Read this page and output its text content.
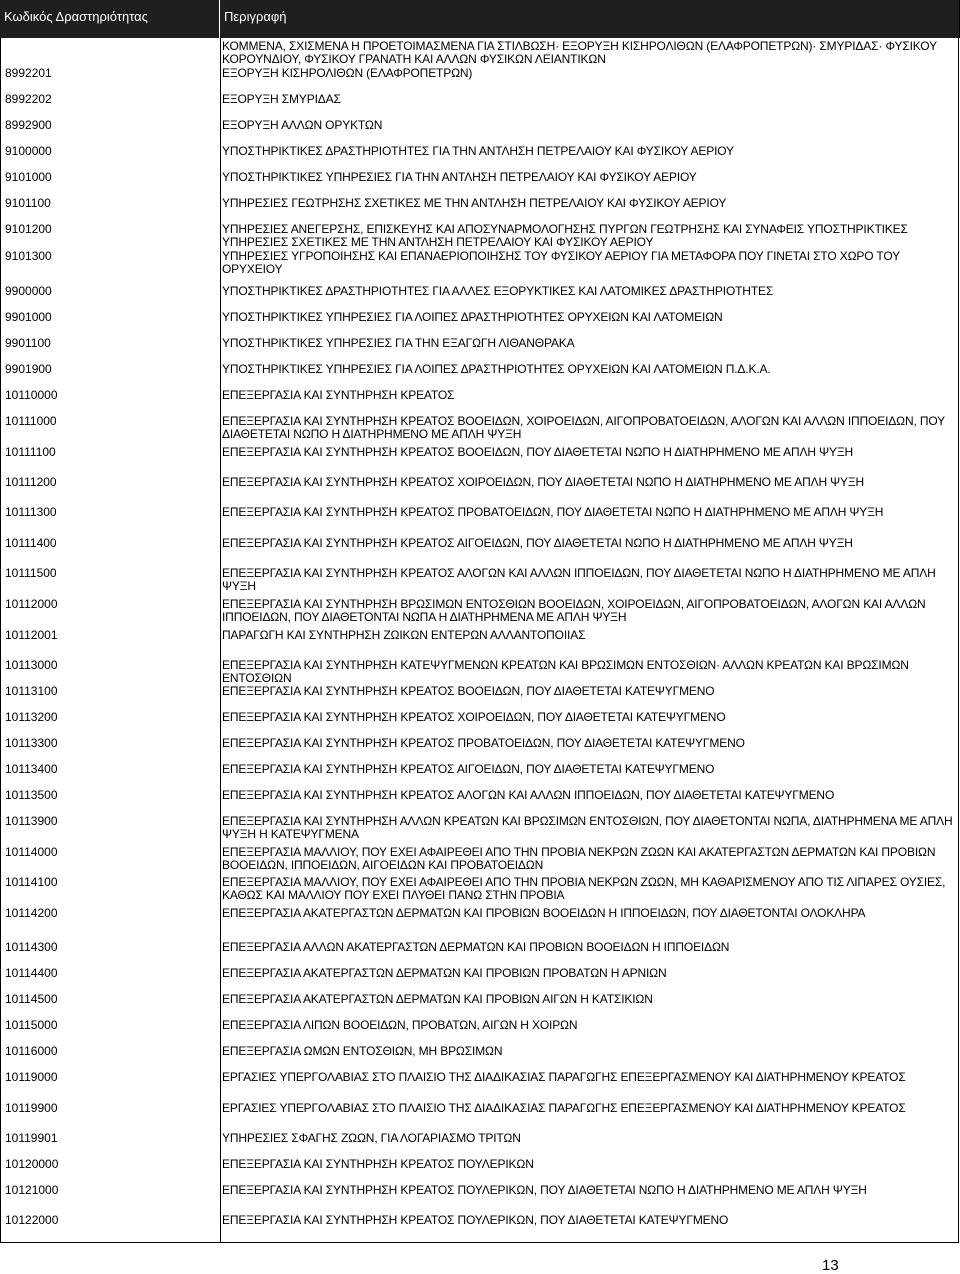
Κωδικός Δραστηριότητας	Περιγραφή
ΚΟΜΜΕΝΑ, ΣΧΙΣΜΕΝΑ Η ΠΡΟΕΤΟΙΜΑΣΜΕΝΑ ΓΙΑ ΣΤΙΛΒΩΣΗ· ΕΞΟΡΥΞΗ ΚΙΣΗΡΟΛΙΘΩΝ (ΕΛΑΦΡΟΠΕΤΡΩΝ)· ΣΜΥΡΙΔΑΣ· ΦΥΣΙΚΟΥ ΚΟΡΟΥΝΔΙΟΥ, ΦΥΣΙΚΟΥ ΓΡΑΝΑΤΗ ΚΑΙ ΑΛΛΩΝ ΦΥΣΙΚΩΝ ΛΕΙΑΝΤΙΚΩΝ
8992201	ΕΞΟΡΥΞΗ ΚΙΣΗΡΟΛΙΘΩΝ (ΕΛΑΦΡΟΠΕΤΡΩΝ)
8992202	ΕΞΟΡΥΞΗ ΣΜΥΡΙΔΑΣ
8992900	ΕΞΟΡΥΞΗ ΑΛΛΩΝ ΟΡΥΚΤΩΝ
9100000	ΥΠΟΣΤΗΡΙΚΤΙΚΕΣ ΔΡΑΣΤΗΡΙΟΤΗΤΕΣ ΓΙΑ ΤΗΝ ΑΝΤΛΗΣΗ ΠΕΤΡΕΛΑΙΟΥ ΚΑΙ ΦΥΣΙΚΟΥ ΑΕΡΙΟΥ
9101000	ΥΠΟΣΤΗΡΙΚΤΙΚΕΣ ΥΠΗΡΕΣΙΕΣ ΓΙΑ ΤΗΝ ΑΝΤΛΗΣΗ ΠΕΤΡΕΛΑΙΟΥ ΚΑΙ ΦΥΣΙΚΟΥ ΑΕΡΙΟΥ
9101100	ΥΠΗΡΕΣΙΕΣ ΓΕΩΤΡΗΣΗΣ ΣΧΕΤΙΚΕΣ ΜΕ ΤΗΝ ΑΝΤΛΗΣΗ ΠΕΤΡΕΛΑΙΟΥ ΚΑΙ ΦΥΣΙΚΟΥ ΑΕΡΙΟΥ
9101200	ΥΠΗΡΕΣΙΕΣ ΑΝΕΓΕΡΣΗΣ, ΕΠΙΣΚΕΥΗΣ ΚΑΙ ΑΠΟΣΥΝΑΡΜΟΛΟΓΗΣΗΣ ΠΥΡΓΩΝ ΓΕΩΤΡΗΣΗΣ ΚΑΙ ΣΥΝΑΦΕΙΣ ΥΠΟΣΤΗΡΙΚΤΙΚΕΣ ΥΠΗΡΕΣΙΕΣ ΣΧΕΤΙΚΕΣ ΜΕ ΤΗΝ ΑΝΤΛΗΣΗ ΠΕΤΡΕΛΑΙΟΥ ΚΑΙ ΦΥΣΙΚΟΥ ΑΕΡΙΟΥ
9101300	ΥΠΗΡΕΣΙΕΣ ΥΓΡΟΠΟΙΗΣΗΣ ΚΑΙ ΕΠΑΝΑΕΡΙΟΠΟΙΗΣΗΣ ΤΟΥ ΦΥΣΙΚΟΥ ΑΕΡΙΟΥ ΓΙΑ ΜΕΤΑΦΟΡΑ ΠΟΥ ΓΙΝΕΤΑΙ ΣΤΟ ΧΩΡΟ ΤΟΥ ΟΡΥΧΕΙΟΥ
9900000	ΥΠΟΣΤΗΡΙΚΤΙΚΕΣ ΔΡΑΣΤΗΡΙΟΤΗΤΕΣ ΓΙΑ ΑΛΛΕΣ ΕΞΟΡΥΚΤΙΚΕΣ ΚΑΙ ΛΑΤΟΜΙΚΕΣ ΔΡΑΣΤΗΡΙΟΤΗΤΕΣ
9901000	ΥΠΟΣΤΗΡΙΚΤΙΚΕΣ ΥΠΗΡΕΣΙΕΣ ΓΙΑ ΛΟΙΠΕΣ ΔΡΑΣΤΗΡΙΟΤΗΤΕΣ ΟΡΥΧΕΙΩΝ ΚΑΙ ΛΑΤΟΜΕΙΩΝ
9901100	ΥΠΟΣΤΗΡΙΚΤΙΚΕΣ ΥΠΗΡΕΣΙΕΣ ΓΙΑ ΤΗΝ ΕΞΑΓΩΓΗ ΛΙΘΑΝΘΡΑΚΑ
9901900	ΥΠΟΣΤΗΡΙΚΤΙΚΕΣ ΥΠΗΡΕΣΙΕΣ ΓΙΑ ΛΟΙΠΕΣ ΔΡΑΣΤΗΡΙΟΤΗΤΕΣ ΟΡΥΧΕΙΩΝ ΚΑΙ ΛΑΤΟΜΕΙΩΝ Π.Δ.Κ.Α.
10110000	ΕΠΕΞΕΡΓΑΣΙΑ ΚΑΙ ΣΥΝΤΗΡΗΣΗ ΚΡΕΑΤΟΣ
10111000	ΕΠΕΞΕΡΓΑΣΙΑ ΚΑΙ ΣΥΝΤΗΡΗΣΗ ΚΡΕΑΤΟΣ ΒΟΟΕΙΔΩΝ, ΧΟΙΡΟΕΙΔΩΝ, ΑΙΓΟΠΡΟΒΑΤΟΕΙΔΩΝ, ΑΛΟΓΩΝ ΚΑΙ ΑΛΛΩΝ ΙΠΠΟΕΙΔΩΝ, ΠΟΥ ΔΙΑΘΕΤΕΤΑΙ ΝΩΠΟ Η ΔΙΑΤΗΡΗΜΕΝΟ ΜΕ ΑΠΛΗ ΨΥΞΗ
10111100	ΕΠΕΞΕΡΓΑΣΙΑ ΚΑΙ ΣΥΝΤΗΡΗΣΗ ΚΡΕΑΤΟΣ ΒΟΟΕΙΔΩΝ, ΠΟΥ ΔΙΑΘΕΤΕΤΑΙ ΝΩΠΟ Η ΔΙΑΤΗΡΗΜΕΝΟ ΜΕ ΑΠΛΗ ΨΥΞΗ
10111200	ΕΠΕΞΕΡΓΑΣΙΑ ΚΑΙ ΣΥΝΤΗΡΗΣΗ ΚΡΕΑΤΟΣ ΧΟΙΡΟΕΙΔΩΝ, ΠΟΥ ΔΙΑΘΕΤΕΤΑΙ ΝΩΠΟ Η ΔΙΑΤΗΡΗΜΕΝΟ ΜΕ ΑΠΛΗ ΨΥΞΗ
10111300	ΕΠΕΞΕΡΓΑΣΙΑ ΚΑΙ ΣΥΝΤΗΡΗΣΗ ΚΡΕΑΤΟΣ ΠΡΟΒΑΤΟΕΙΔΩΝ, ΠΟΥ ΔΙΑΘΕΤΕΤΑΙ ΝΩΠΟ Η ΔΙΑΤΗΡΗΜΕΝΟ ΜΕ ΑΠΛΗ ΨΥΞΗ
10111400	ΕΠΕΞΕΡΓΑΣΙΑ ΚΑΙ ΣΥΝΤΗΡΗΣΗ ΚΡΕΑΤΟΣ ΑΙΓΟΕΙΔΩΝ, ΠΟΥ ΔΙΑΘΕΤΕΤΑΙ ΝΩΠΟ Η ΔΙΑΤΗΡΗΜΕΝΟ ΜΕ ΑΠΛΗ ΨΥΞΗ
10111500	ΕΠΕΞΕΡΓΑΣΙΑ ΚΑΙ ΣΥΝΤΗΡΗΣΗ ΚΡΕΑΤΟΣ ΑΛΟΓΩΝ ΚΑΙ ΑΛΛΩΝ ΙΠΠΟΕΙΔΩΝ, ΠΟΥ ΔΙΑΘΕΤΕΤΑΙ ΝΩΠΟ Η ΔΙΑΤΗΡΗΜΕΝΟ ΜΕ ΑΠΛΗ ΨΥΞΗ
10112000	ΕΠΕΞΕΡΓΑΣΙΑ ΚΑΙ ΣΥΝΤΗΡΗΣΗ ΒΡΩΣΙΜΩΝ ΕΝΤΟΣΘΙΩΝ ΒΟΟΕΙΔΩΝ, ΧΟΙΡΟΕΙΔΩΝ, ΑΙΓΟΠΡΟΒΑΤΟΕΙΔΩΝ, ΑΛΟΓΩΝ ΚΑΙ ΑΛΛΩΝ ΙΠΠΟΕΙΔΩΝ, ΠΟΥ ΔΙΑΘΕΤΟΝΤΑΙ ΝΩΠΑ Η ΔΙΑΤΗΡΗΜΕΝΑ ΜΕ ΑΠΛΗ ΨΥΞΗ
10112001	ΠΑΡΑΓΩΓΗ ΚΑΙ ΣΥΝΤΗΡΗΣΗ ΖΩΙΚΩΝ ΕΝΤΕΡΩΝ ΑΛΛΑΝΤΟΠΟΙΙΑΣ
10113000	ΕΠΕΞΕΡΓΑΣΙΑ ΚΑΙ ΣΥΝΤΗΡΗΣΗ ΚΑΤΕΨΥΓΜΕΝΩΝ ΚΡΕΑΤΩΝ ΚΑΙ ΒΡΩΣΙΜΩΝ ΕΝΤΟΣΘΙΩΝ· ΑΛΛΩΝ ΚΡΕΑΤΩΝ ΚΑΙ ΒΡΩΣΙΜΩΝ ΕΝΤΟΣΘΙΩΝ
10113100	ΕΠΕΞΕΡΓΑΣΙΑ ΚΑΙ ΣΥΝΤΗΡΗΣΗ ΚΡΕΑΤΟΣ ΒΟΟΕΙΔΩΝ, ΠΟΥ ΔΙΑΘΕΤΕΤΑΙ ΚΑΤΕΨΥΓΜΕΝΟ
10113200	ΕΠΕΞΕΡΓΑΣΙΑ ΚΑΙ ΣΥΝΤΗΡΗΣΗ ΚΡΕΑΤΟΣ ΧΟΙΡΟΕΙΔΩΝ, ΠΟΥ ΔΙΑΘΕΤΕΤΑΙ ΚΑΤΕΨΥΓΜΕΝΟ
10113300	ΕΠΕΞΕΡΓΑΣΙΑ ΚΑΙ ΣΥΝΤΗΡΗΣΗ ΚΡΕΑΤΟΣ ΠΡΟΒΑΤΟΕΙΔΩΝ, ΠΟΥ ΔΙΑΘΕΤΕΤΑΙ ΚΑΤΕΨΥΓΜΕΝΟ
10113400	ΕΠΕΞΕΡΓΑΣΙΑ ΚΑΙ ΣΥΝΤΗΡΗΣΗ ΚΡΕΑΤΟΣ ΑΙΓΟΕΙΔΩΝ, ΠΟΥ ΔΙΑΘΕΤΕΤΑΙ ΚΑΤΕΨΥΓΜΕΝΟ
10113500	ΕΠΕΞΕΡΓΑΣΙΑ ΚΑΙ ΣΥΝΤΗΡΗΣΗ ΚΡΕΑΤΟΣ ΑΛΟΓΩΝ ΚΑΙ ΑΛΛΩΝ ΙΠΠΟΕΙΔΩΝ, ΠΟΥ ΔΙΑΘΕΤΕΤΑΙ ΚΑΤΕΨΥΓΜΕΝΟ
10113900	ΕΠΕΞΕΡΓΑΣΙΑ ΚΑΙ ΣΥΝΤΗΡΗΣΗ ΑΛΛΩΝ ΚΡΕΑΤΩΝ ΚΑΙ ΒΡΩΣΙΜΩΝ ΕΝΤΟΣΘΙΩΝ, ΠΟΥ ΔΙΑΘΕΤΟΝΤΑΙ ΝΩΠΑ, ΔΙΑΤΗΡΗΜΕΝΑ ΜΕ ΑΠΛΗ ΨΥΞΗ Η ΚΑΤΕΨΥΓΜΕΝΑ
10114000	ΕΠΕΞΕΡΓΑΣΙΑ ΜΑΛΛΙΟΥ, ΠΟΥ ΕΧΕΙ ΑΦΑΙΡΕΘΕΙ ΑΠΟ ΤΗΝ ΠΡΟΒΙΑ ΝΕΚΡΩΝ ΖΩΩΝ ΚΑΙ ΑΚΑΤΕΡΓΑΣΤΩΝ ΔΕΡΜΑΤΩΝ ΚΑΙ ΠΡΟΒΙΩΝ ΒΟΟΕΙΔΩΝ, ΙΠΠΟΕΙΔΩΝ, ΑΙΓΟΕΙΔΩΝ ΚΑΙ ΠΡΟΒΑΤΟΕΙΔΩΝ
10114100	ΕΠΕΞΕΡΓΑΣΙΑ ΜΑΛΛΙΟΥ, ΠΟΥ ΕΧΕΙ ΑΦΑΙΡΕΘΕΙ ΑΠΟ ΤΗΝ ΠΡΟΒΙΑ ΝΕΚΡΩΝ ΖΩΩΝ, ΜΗ ΚΑΘΑΡΙΣΜΕΝΟΥ ΑΠΟ ΤΙΣ ΛΙΠΑΡΕΣ ΟΥΣΙΕΣ, ΚΑΘΩΣ ΚΑΙ ΜΑΛΛΙΟΥ ΠΟΥ ΕΧΕΙ ΠΛΥΘΕΙ ΠΑΝΩ ΣΤΗΝ ΠΡΟΒΙΑ
10114200	ΕΠΕΞΕΡΓΑΣΙΑ ΑΚΑΤΕΡΓΑΣΤΩΝ ΔΕΡΜΑΤΩΝ ΚΑΙ ΠΡΟΒΙΩΝ ΒΟΟΕΙΔΩΝ Η ΙΠΠΟΕΙΔΩΝ, ΠΟΥ ΔΙΑΘΕΤΟΝΤΑΙ ΟΛΟΚΛΗΡΑ
10114300	ΕΠΕΞΕΡΓΑΣΙΑ ΑΛΛΩΝ ΑΚΑΤΕΡΓΑΣΤΩΝ ΔΕΡΜΑΤΩΝ ΚΑΙ ΠΡΟΒΙΩΝ ΒΟΟΕΙΔΩΝ Η ΙΠΠΟΕΙΔΩΝ
10114400	ΕΠΕΞΕΡΓΑΣΙΑ ΑΚΑΤΕΡΓΑΣΤΩΝ ΔΕΡΜΑΤΩΝ ΚΑΙ ΠΡΟΒΙΩΝ ΠΡΟΒΑΤΩΝ Η ΑΡΝΙΩΝ
10114500	ΕΠΕΞΕΡΓΑΣΙΑ ΑΚΑΤΕΡΓΑΣΤΩΝ ΔΕΡΜΑΤΩΝ ΚΑΙ ΠΡΟΒΙΩΝ ΑΙΓΩΝ Η ΚΑΤΣΙΚΙΩΝ
10115000	ΕΠΕΞΕΡΓΑΣΙΑ ΛΙΠΩΝ ΒΟΟΕΙΔΩΝ, ΠΡΟΒΑΤΩΝ, ΑΙΓΩΝ Η ΧΟΙΡΩΝ
10116000	ΕΠΕΞΕΡΓΑΣΙΑ ΩΜΩΝ ΕΝΤΟΣΘΙΩΝ, ΜΗ ΒΡΩΣΙΜΩΝ
10119000	ΕΡΓΑΣΙΕΣ ΥΠΕΡΓΟΛΑΒΙΑΣ ΣΤΟ ΠΛΑΙΣΙΟ ΤΗΣ ΔΙΑΔΙΚΑΣΙΑΣ ΠΑΡΑΓΩΓΗΣ ΕΠΕΞΕΡΓΑΣΜΕΝΟΥ ΚΑΙ ΔΙΑΤΗΡΗΜΕΝΟΥ ΚΡΕΑΤΟΣ
10119900	ΕΡΓΑΣΙΕΣ ΥΠΕΡΓΟΛΑΒΙΑΣ ΣΤΟ ΠΛΑΙΣΙΟ ΤΗΣ ΔΙΑΔΙΚΑΣΙΑΣ ΠΑΡΑΓΩΓΗΣ ΕΠΕΞΕΡΓΑΣΜΕΝΟΥ ΚΑΙ ΔΙΑΤΗΡΗΜΕΝΟΥ ΚΡΕΑΤΟΣ
10119901	ΥΠΗΡΕΣΙΕΣ ΣΦΑΓΗΣ ΖΩΩΝ, ΓΙΑ ΛΟΓΑΡΙΑΣΜΟ ΤΡΙΤΩΝ
10120000	ΕΠΕΞΕΡΓΑΣΙΑ ΚΑΙ ΣΥΝΤΗΡΗΣΗ ΚΡΕΑΤΟΣ ΠΟΥΛΕΡΙΚΩΝ
10121000	ΕΠΕΞΕΡΓΑΣΙΑ ΚΑΙ ΣΥΝΤΗΡΗΣΗ ΚΡΕΑΤΟΣ ΠΟΥΛΕΡΙΚΩΝ, ΠΟΥ ΔΙΑΘΕΤΕΤΑΙ ΝΩΠΟ Η ΔΙΑΤΗΡΗΜΕΝΟ ΜΕ ΑΠΛΗ ΨΥΞΗ
10122000	ΕΠΕΞΕΡΓΑΣΙΑ ΚΑΙ ΣΥΝΤΗΡΗΣΗ ΚΡΕΑΤΟΣ ΠΟΥΛΕΡΙΚΩΝ, ΠΟΥ ΔΙΑΘΕΤΕΤΑΙ ΚΑΤΕΨΥΓΜΕΝΟ
13
